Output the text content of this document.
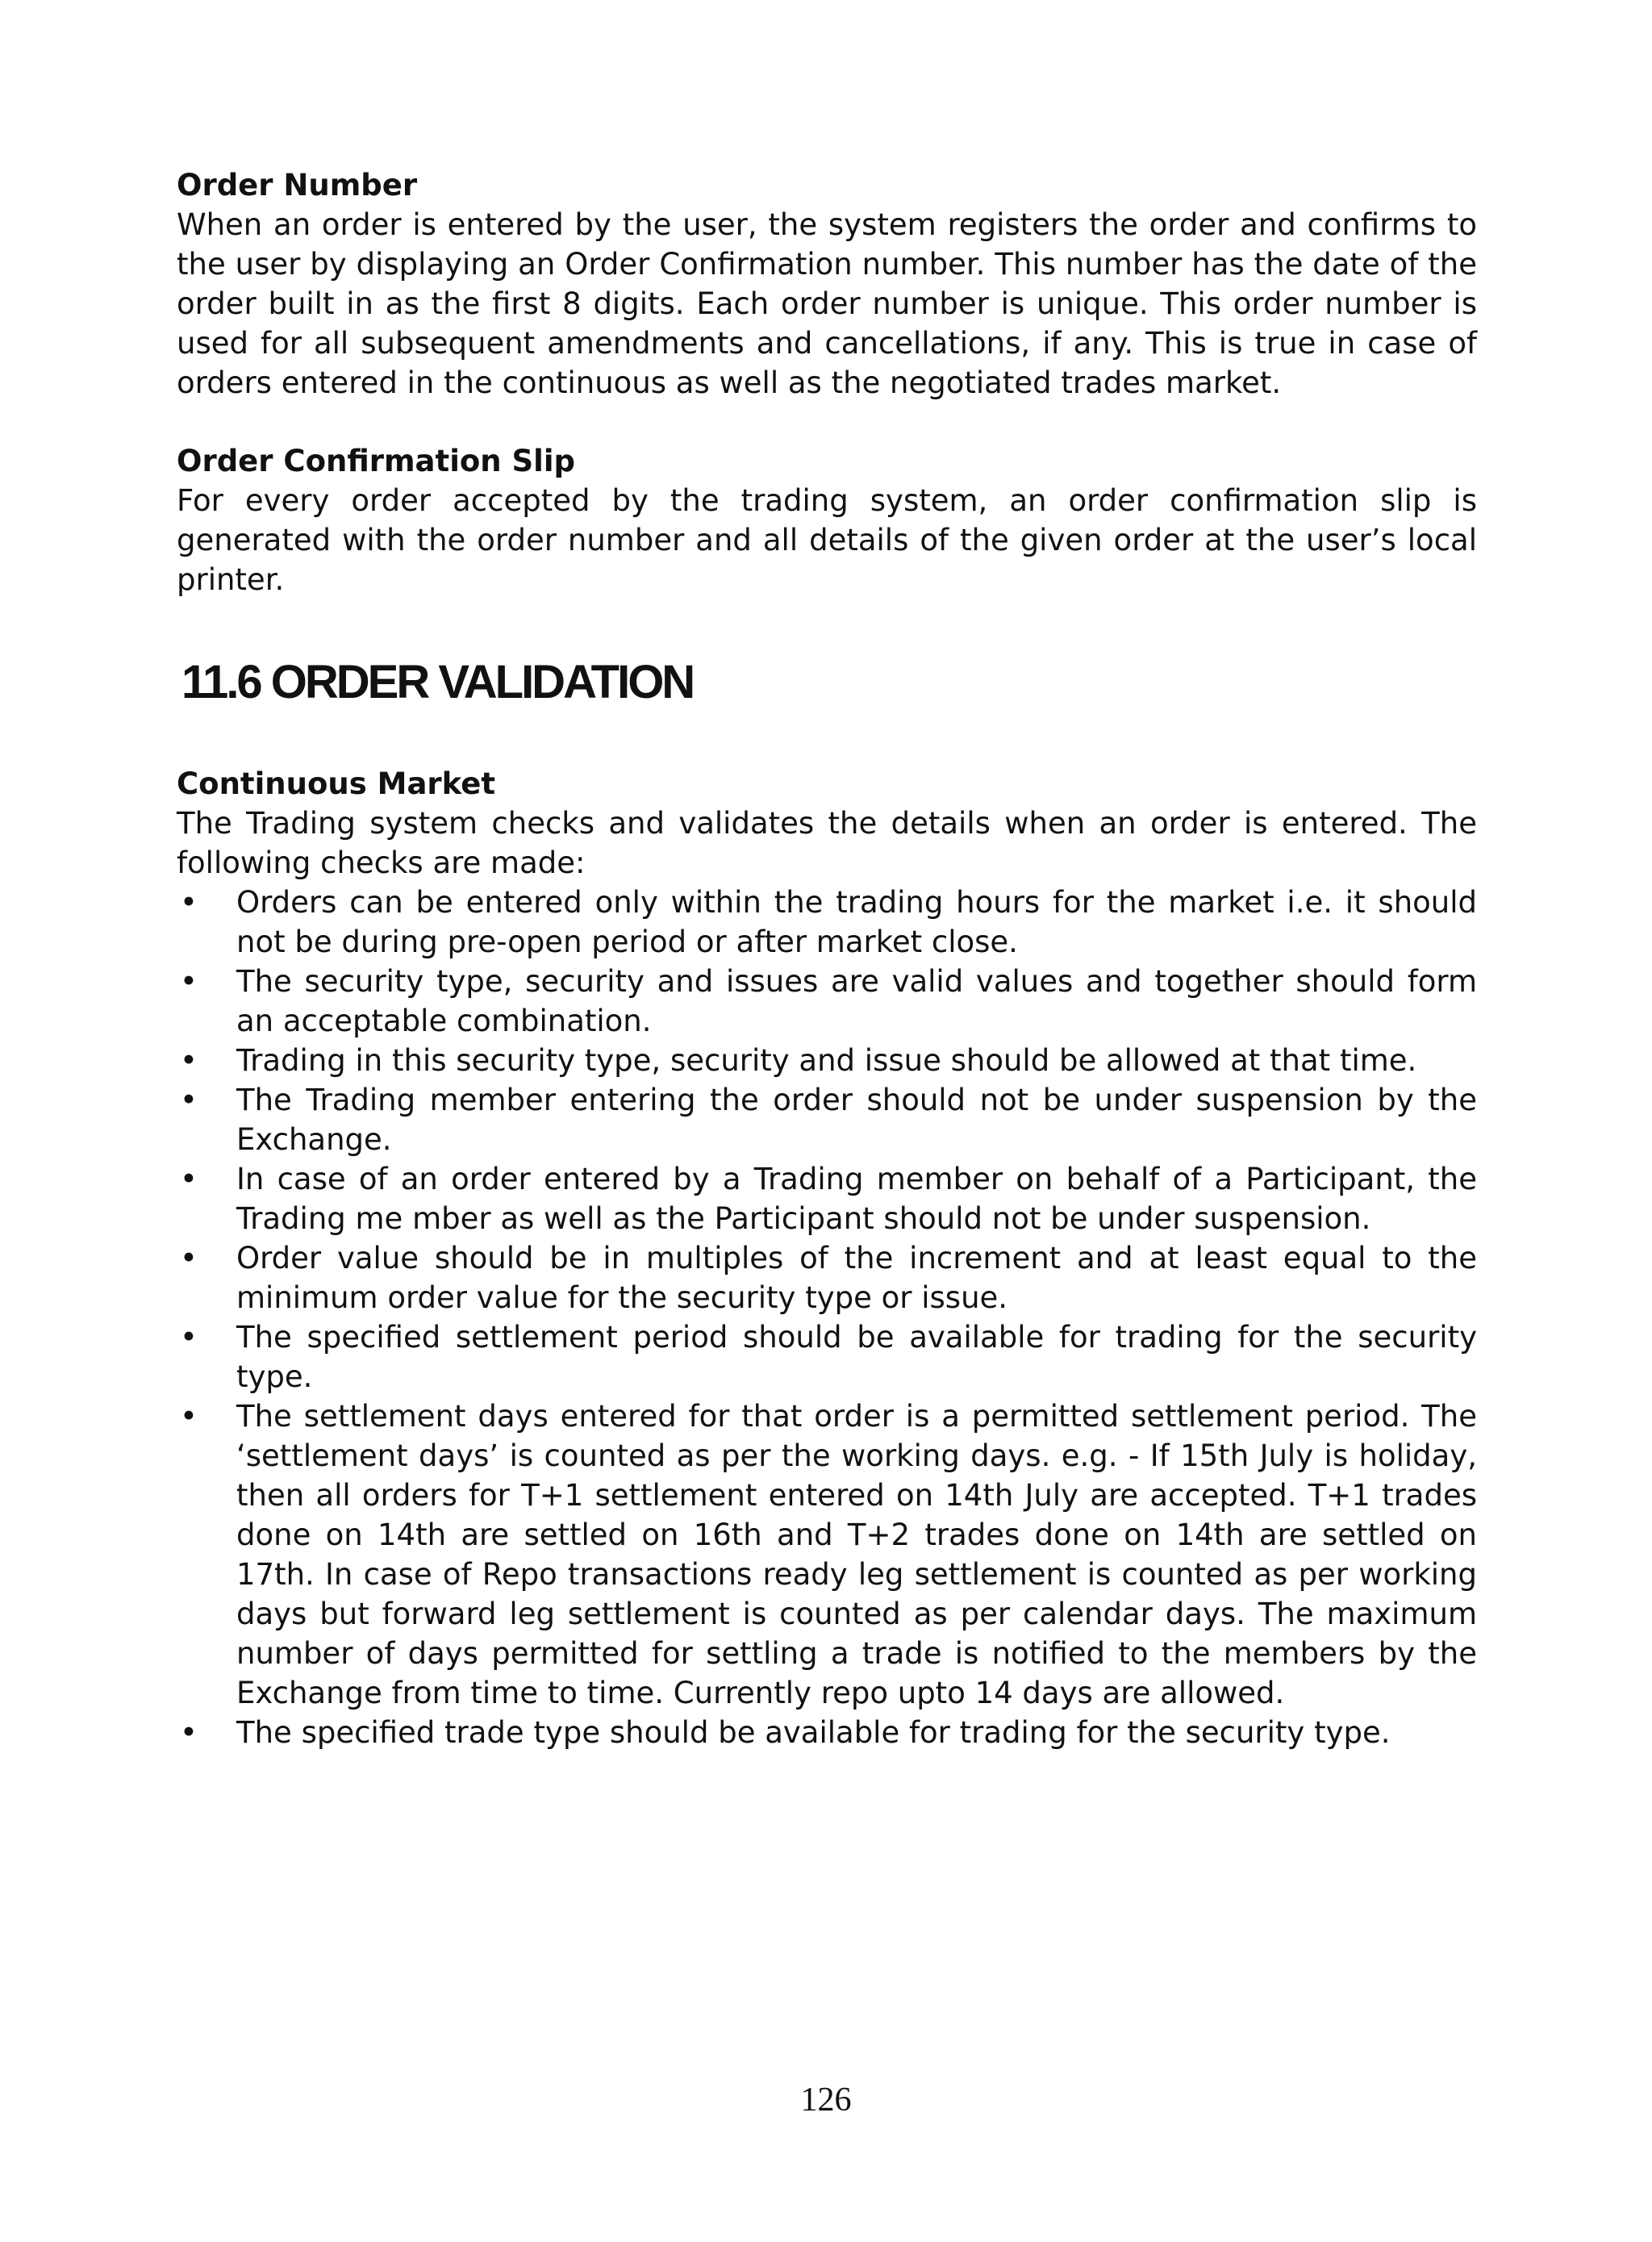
Order Number

When an order is entered by the user, the system registers the order and confirms to the user by displaying an Order Confirmation number. This number has the date of the order built in as the first 8 digits. Each order number is unique. This order number is used for all subsequent amendments and cancellations, if any. This is true in case of orders entered in the continuous as well as the negotiated trades market.

Order Confirmation Slip

For every order accepted by the trading system, an order confirmation slip is generated with the order number and all details of the given order at the user’s local printer.

11.6 ORDER VALIDATION

Continuous Market

The Trading system checks and validates the details when an order is entered. The following checks are made:

• Orders can be entered only within the trading hours for the market i.e. it should not be during pre-open period or after market close.
• The security type, security and issues are valid values and together should form an acceptable combination.
• Trading in this security type, security and issue should be allowed at that time.
• The Trading member entering the order should not be under suspension by the Exchange.
• In case of an order entered by a Trading member on behalf of a Participant, the Trading me mber as well as the Participant should not be under suspension.
• Order value should be in multiples of the increment and at least equal to the minimum order value for the security type or issue.
• The specified settlement period should be available for trading for the security type.
• The settlement days entered for that order is a permitted settlement period. The ‘settlement days’ is counted as per the working days. e.g. - If 15th July is holiday, then all orders for T+1 settlement entered on 14th July are accepted. T+1 trades done on 14th are settled on 16th and T+2 trades done on 14th are settled on 17th. In case of Repo transactions ready leg settlement is counted as per working days but forward leg settlement is counted as per calendar days. The maximum number of days permitted for settling a trade is notified to the members by the Exchange from time to time. Currently repo upto 14 days are allowed.
• The specified trade type should be available for trading for the security type.
126
